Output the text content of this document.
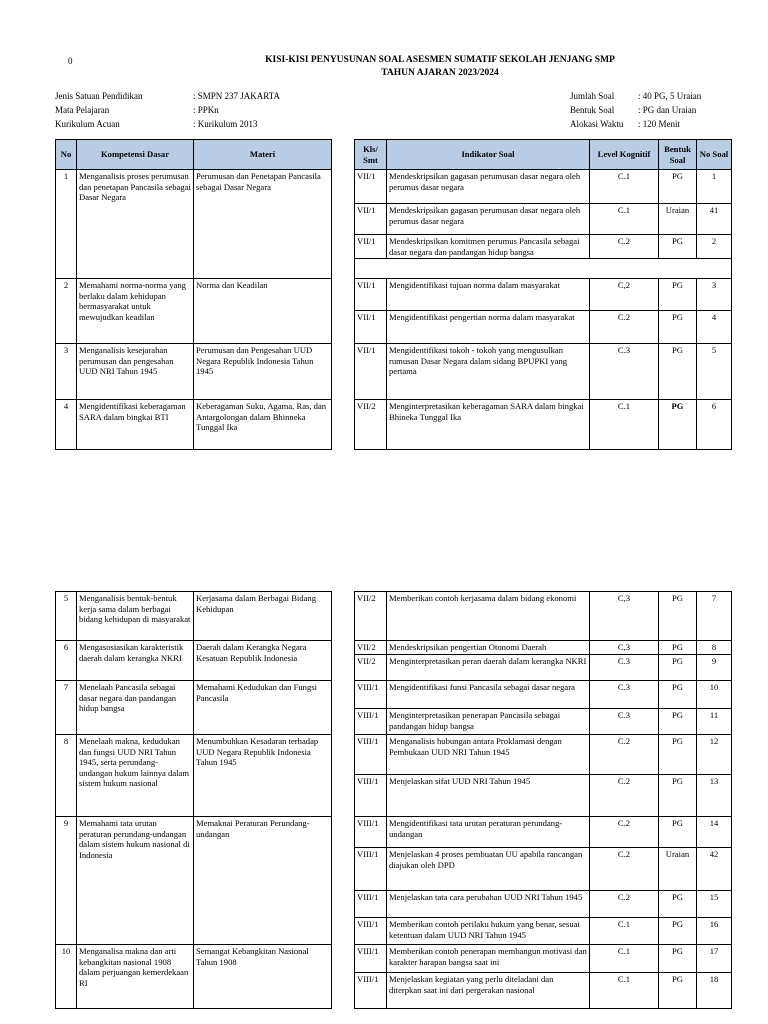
0	KISI-KISI PENYUSUNAN SOAL ASESMEN SUMATIF SEKOLAH JENJANG SMP
TAHUN AJARAN 2023/2024
Jenis Satuan Pendidikan	: SMPN 237 JAKARTA
Mata Pelajaran	: PPKn
Kurikulum Acuan	: Kurikulum 2013
Jumlah Soal	: 40 PG, 5 Uraian
Bentuk Soal	: PG dan Uraian
Alokasi Waktu	: 120 Menit
No	Kompetensi Dasar	Materi		Kls/ Smt	Indikator Soal	Level Kognitif	Bentuk Soal	No Soal
1	Menganalisis proses perumusan dan penetapan Pancasila sebagai Dasar Negara	Perumusan dan Penetapan Pancasila sebagai Dasar Negara		VII/1	Mendeskripsikan gagasan perumusan dasar negara oleh perumus dasar negara	C.1	PG	1
				VII/1	Mendeskripsikan gagasan perumusan dasar negara oleh perumus dasar negara	C.1	Uraian	41
				VII/1	Mendeskripsikan komitmen perumus Pancasila sebagai dasar negara dan pandangan hidup bangsa	C.2	PG	2

2	Memahami norma-norma yang berlaku dalam kehidupan bermasyarakat untuk mewujudkan keadilan	Norma dan Keadilan		VII/1	Mengidentifikasi tujuan norma dalam masyarakat	C,2	PG	3
				VII/1	Mengidentifikasi pengertian norma dalam masyarakat	C.2	PG	4
3	Menganalisis kesejarahan perumusan dan pengesahan UUD NRI Tahun 1945	Perumusan dan Pengesahan UUD Negara Republik Indonesia Tahun 1945		VII/1	Mengidentifikasi tokoh - tokoh yang mengusulkan rumusan Dasar Negara dalam sidang BPUPKI yang pertama	C.3	PG	5
4	Mengidentifikasi keberagaman SARA dalam bingkai BTI	Keberagaman Suku, Agama, Ras, dan Antargolongan dalam Bhinneka Tunggal Ika		VII/2	Menginterpretasikan keberagaman SARA dalam bingkai Bhineka Tunggal Ika	C.1	PG	6
5	Menganalisis bentuk-bentuk kerja sama dalam berbagai bidang kehidupan di masyarakat	Kerjasama dalam Berbagai Bidang Kehidupan		VII/2	Memberikan contoh kerjasama dalam bidang ekonomi	C,3	PG	7
6	Mengasosiasikan karakteristik daerah dalam kerangka NKRI	Daerah dalam Kerangka Negara Kesatuan Republik Indonesia		VII/2	Mendeskripsikan pengertian Otonomi Daerah	C,3	PG	8
				VII/2	Menginterpretasikan peran daerah dalam kerangka NKRI	C.3	PG	9
7	Menelaah Pancasila sebagai dasar negara dan pandangan hidup bangsa	Memahami Kedudukan dan Fungsi Pancasila		VIII/1	Mengidentifikasi funsi Pancasila sebagai dasar negara	C.3	PG	10
				VIII/1	Menginterpretasikan penerapan Pancasila sebagai pandangan hidup bangsa	C.3	PG	11
8	Menelaah makna, kedudukan dan fungsi UUD NRI Tahun 1945, serta perundang-undangan hukum lainnya dalam sistem hukum nasional	Menumbuhkan Kesadaran terhadap UUD Negara Republik Indonesia Tahun 1945		VIII/1	Menganalisis hubungan antara Proklamasi dengan Pembukaan UUD NRI Tahun 1945	C.2	PG	12
				VIII/1	Menjelaskan sifat UUD NRI Tahun 1945	C.2	PG	13
9	Memahami tata urutan peraturan perundang-undangan dalam sistem hukum nasional di Indonesia	Memaknai Peraturan Perundang-undangan		VIII/1	Mengidentifikasi tata urutan peraturan perundang-undangan	C.2	PG	14
				VIII/1	Menjelaskan 4 proses pembuatan UU apabila rancangan diajukan oleh DPD	C.2	Uraian	42
				VIII/1	Menjelaskan tata cara perubahan UUD NRI Tahun 1945	C.2	PG	15
				VIII/1	Memberikan contoh perilaku hukum yang benar, sesuai ketentuan dalam UUD NRI Tahun 1945	C.1	PG	16
10	Menganalisa makna dan arti kebangkitan nasional 1908 dalam perjuangan kemerdekaan RI	Semangat Kebangkitan Nasional Tahun 1908		VIII/1	Memberikan contoh penerapan membangun motivasi dan karakter harapan bangsa saat ini	C.1	PG	17
				VIII/1	Menjelaskan kegiatan yang perlu diteladani dan diterpkan saat ini dari pergerakan nasional	C.1	PG	18
